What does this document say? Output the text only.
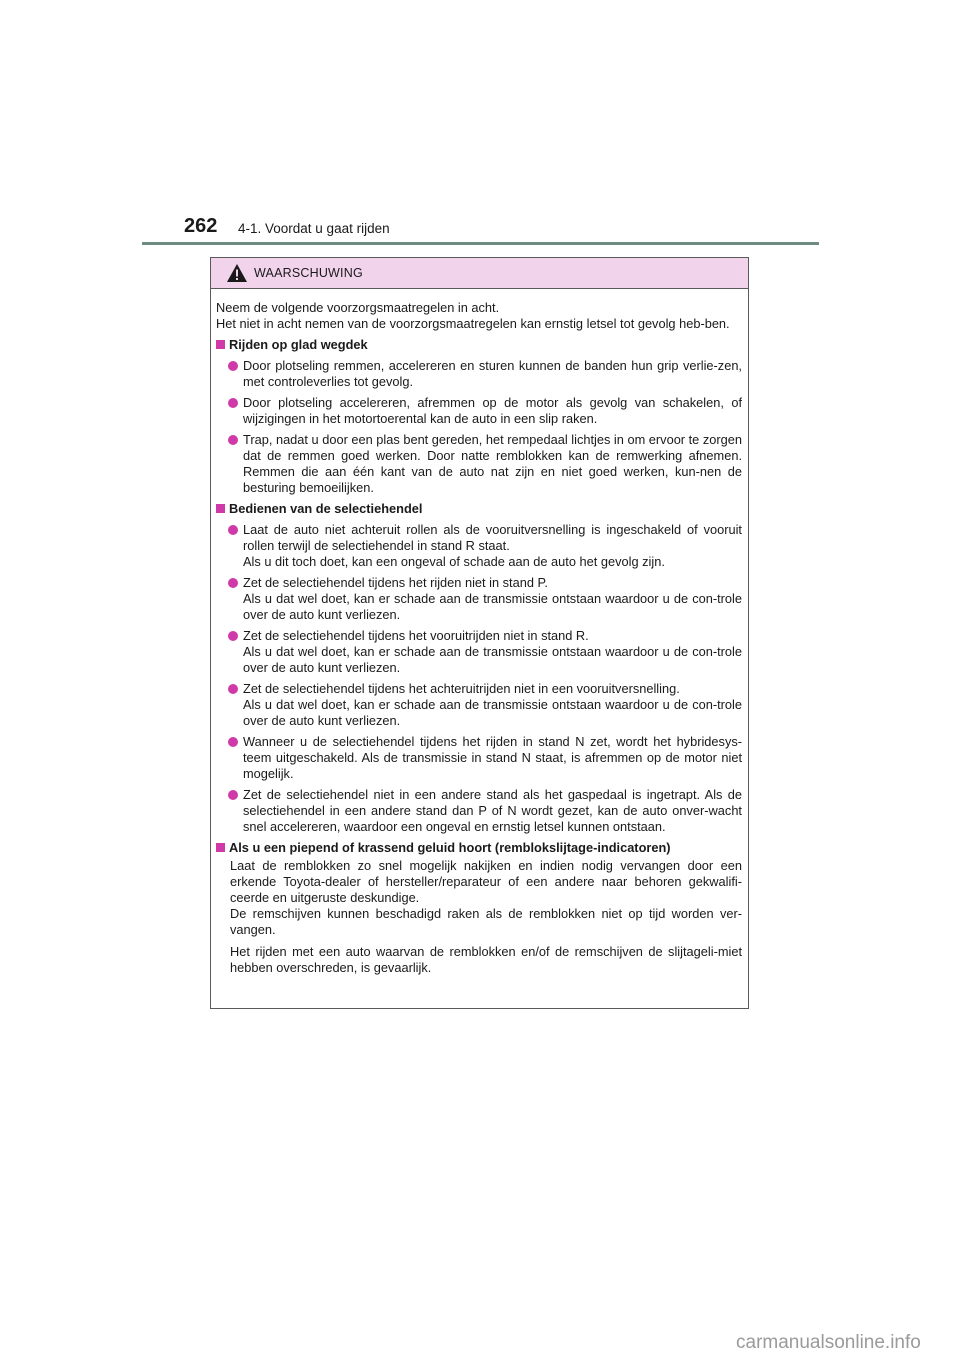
262 4-1. Voordat u gaat rijden
WAARSCHUWING

Neem de volgende voorzorgsmaatregelen in acht.

Het niet in acht nemen van de voorzorgsmaatregelen kan ernstig letsel tot gevolg heb-ben.

Rijden op glad wegdek
Door plotseling remmen, accelereren en sturen kunnen de banden hun grip verlie-zen, met controleverlies tot gevolg.
Door plotseling accelereren, afremmen op de motor als gevolg van schakelen, of wijzigingen in het motortoerental kan de auto in een slip raken.
Trap, nadat u door een plas bent gereden, het rempedaal lichtjes in om ervoor te zorgen dat de remmen goed werken. Door natte remblokken kan de remwerking afnemen. Remmen die aan één kant van de auto nat zijn en niet goed werken, kun-nen de besturing bemoeilijken.
Bedienen van de selectiehendel
Laat de auto niet achteruit rollen als de vooruitversnelling is ingeschakeld of vooruit rollen terwijl de selectiehendel in stand R staat.
Als u dit toch doet, kan een ongeval of schade aan de auto het gevolg zijn.
Zet de selectiehendel tijdens het rijden niet in stand P.
Als u dat wel doet, kan er schade aan de transmissie ontstaan waardoor u de con-trole over de auto kunt verliezen.
Zet de selectiehendel tijdens het vooruitrijden niet in stand R.
Als u dat wel doet, kan er schade aan de transmissie ontstaan waardoor u de con-trole over de auto kunt verliezen.
Zet de selectiehendel tijdens het achteruitrijden niet in een vooruitversnelling.
Als u dat wel doet, kan er schade aan de transmissie ontstaan waardoor u de con-trole over de auto kunt verliezen.
Wanneer u de selectiehendel tijdens het rijden in stand N zet, wordt het hybridesys-teem uitgeschakeld. Als de transmissie in stand N staat, is afremmen op de motor niet mogelijk.
Zet de selectiehendel niet in een andere stand als het gaspedaal is ingetrapt. Als de selectiehendel in een andere stand dan P of N wordt gezet, kan de auto onver-wacht snel accelereren, waardoor een ongeval en ernstig letsel kunnen ontstaan.
Als u een piepend of krassend geluid hoort (remblokslijtage-indicatoren)
Laat de remblokken zo snel mogelijk nakijken en indien nodig vervangen door een erkende Toyota-dealer of hersteller/reparateur of een andere naar behoren gekwalifi-ceerde en uitgeruste deskundige.
De remschijven kunnen beschadigd raken als de remblokken niet op tijd worden ver-vangen.
Het rijden met een auto waarvan de remblokken en/of de remschijven de slijtageli-miet hebben overschreden, is gevaarlijk.
carmanualsonline.info
